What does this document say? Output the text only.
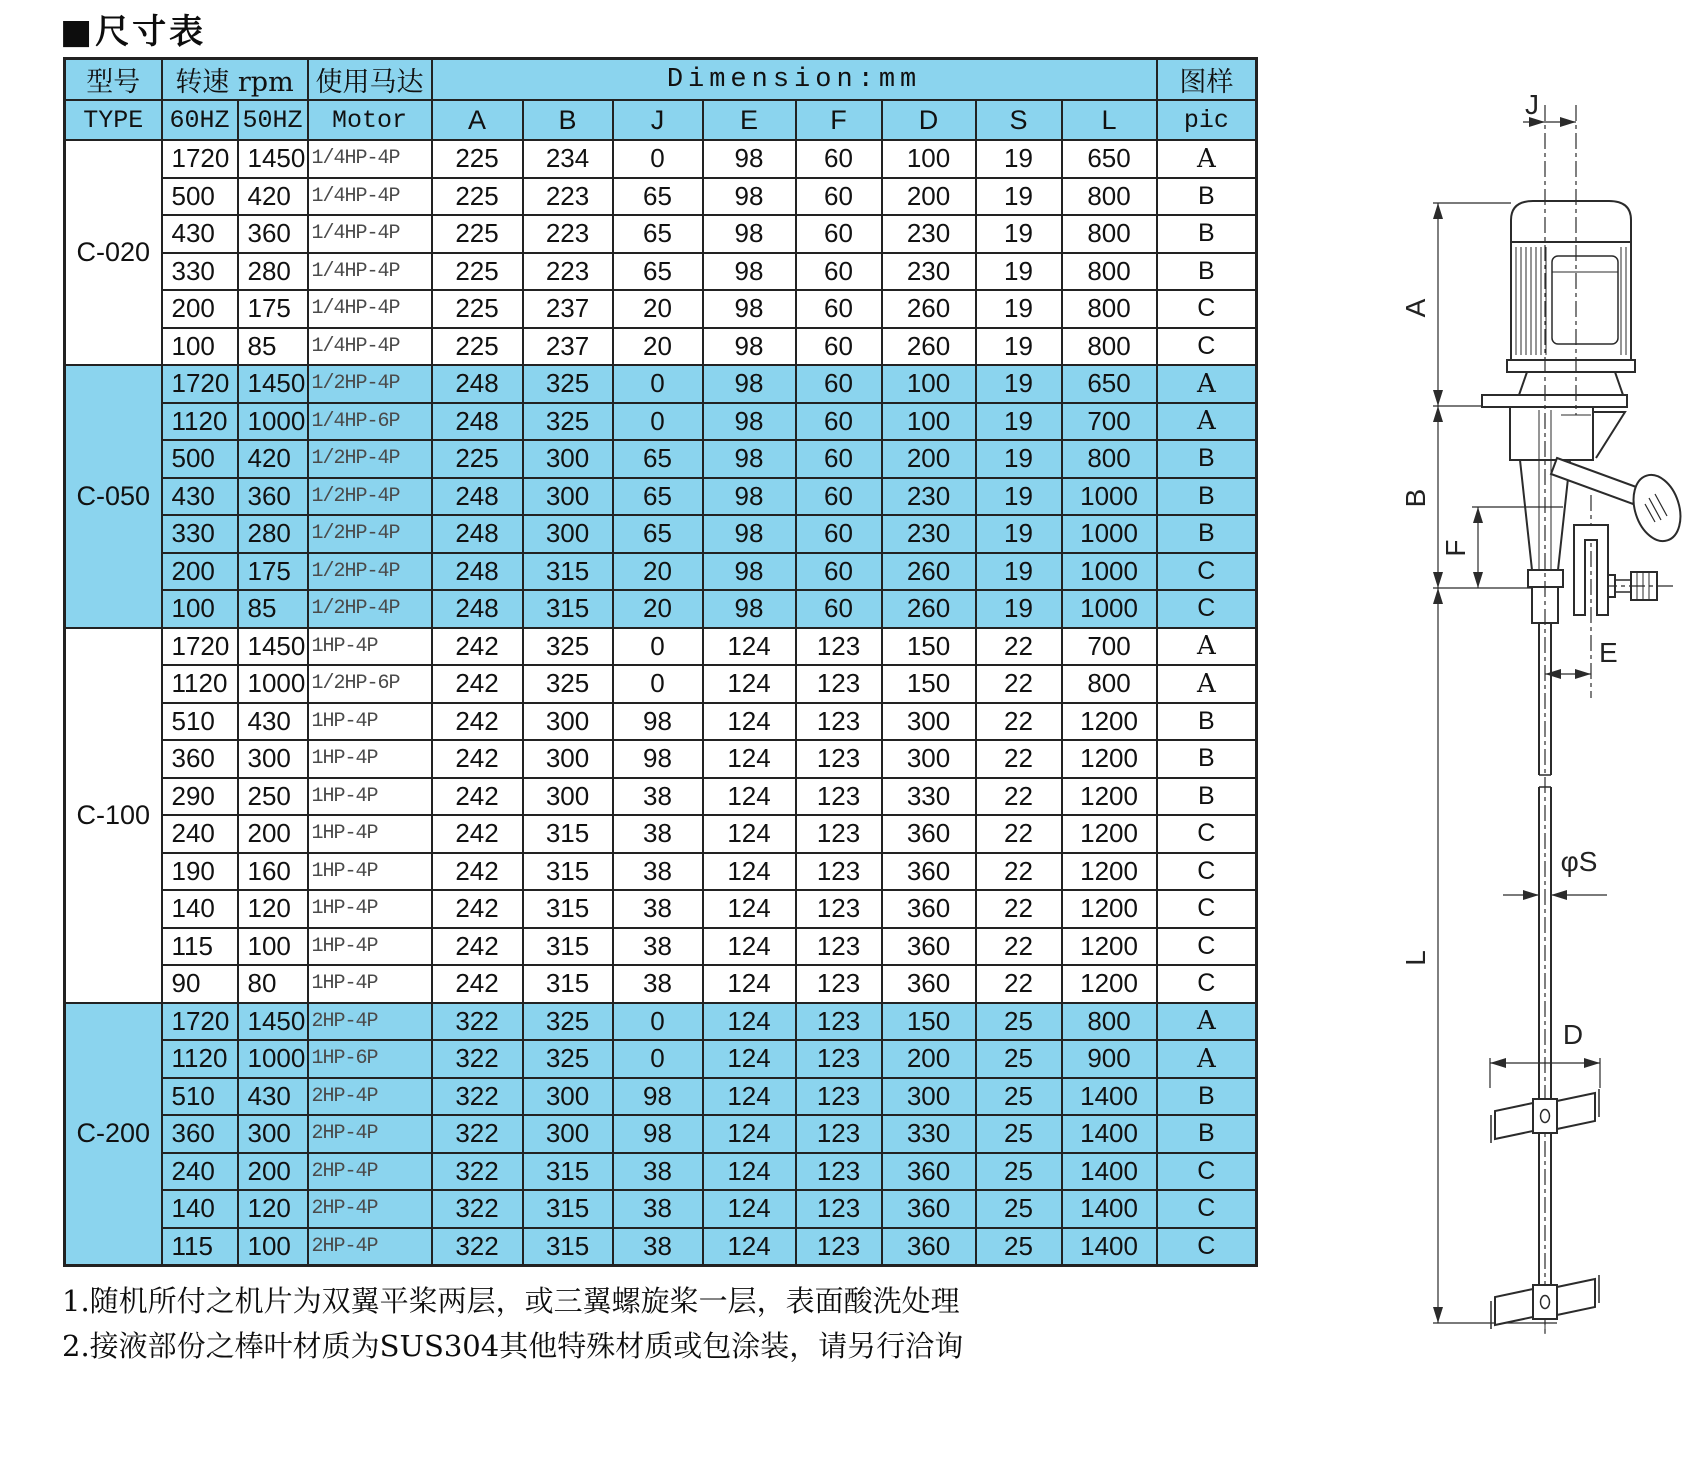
■尺寸表
型号	转速 rpm		使用马达	Dimension:mm								图样
TYPE	60HZ	50HZ	Motor	A	B	J	E	F	D	S	L	pic
C-020	1720	1450	1/4HP-4P	225	234	0	98	60	100	19	650	A
	500	420	1/4HP-4P	225	223	65	98	60	200	19	800	B
	430	360	1/4HP-4P	225	223	65	98	60	230	19	800	B
	330	280	1/4HP-4P	225	223	65	98	60	230	19	800	B
	200	175	1/4HP-4P	225	237	20	98	60	260	19	800	C
	100	85	1/4HP-4P	225	237	20	98	60	260	19	800	C
C-050	1720	1450	1/2HP-4P	248	325	0	98	60	100	19	650	A
	1120	1000	1/4HP-6P	248	325	0	98	60	100	19	700	A
	500	420	1/2HP-4P	225	300	65	98	60	200	19	800	B
	430	360	1/2HP-4P	248	300	65	98	60	230	19	1000	B
	330	280	1/2HP-4P	248	300	65	98	60	230	19	1000	B
	200	175	1/2HP-4P	248	315	20	98	60	260	19	1000	C
	100	85	1/2HP-4P	248	315	20	98	60	260	19	1000	C
C-100	1720	1450	1HP-4P	242	325	0	124	123	150	22	700	A
	1120	1000	1/2HP-6P	242	325	0	124	123	150	22	800	A
	510	430	1HP-4P	242	300	98	124	123	300	22	1200	B
	360	300	1HP-4P	242	300	98	124	123	300	22	1200	B
	290	250	1HP-4P	242	300	38	124	123	330	22	1200	B
	240	200	1HP-4P	242	315	38	124	123	360	22	1200	C
	190	160	1HP-4P	242	315	38	124	123	360	22	1200	C
	140	120	1HP-4P	242	315	38	124	123	360	22	1200	C
	115	100	1HP-4P	242	315	38	124	123	360	22	1200	C
	90	80	1HP-4P	242	315	38	124	123	360	22	1200	C
C-200	1720	1450	2HP-4P	322	325	0	124	123	150	25	800	A
	1120	1000	1HP-6P	322	325	0	124	123	200	25	900	A
	510	430	2HP-4P	322	300	98	124	123	300	25	1400	B
	360	300	2HP-4P	322	300	98	124	123	330	25	1400	B
	240	200	2HP-4P	322	315	38	124	123	360	25	1400	C
	140	120	2HP-4P	322	315	38	124	123	360	25	1400	C
	115	100	2HP-4P	322	315	38	124	123	360	25	1400	C
1.随机所付之机片为双翼平桨两层，或三翼螺旋桨一层，表面酸洗处理
2.接液部份之棒叶材质为SUS304其他特殊材质或包涂装，请另行洽询
J
A
B
F
E
φS
L
D
